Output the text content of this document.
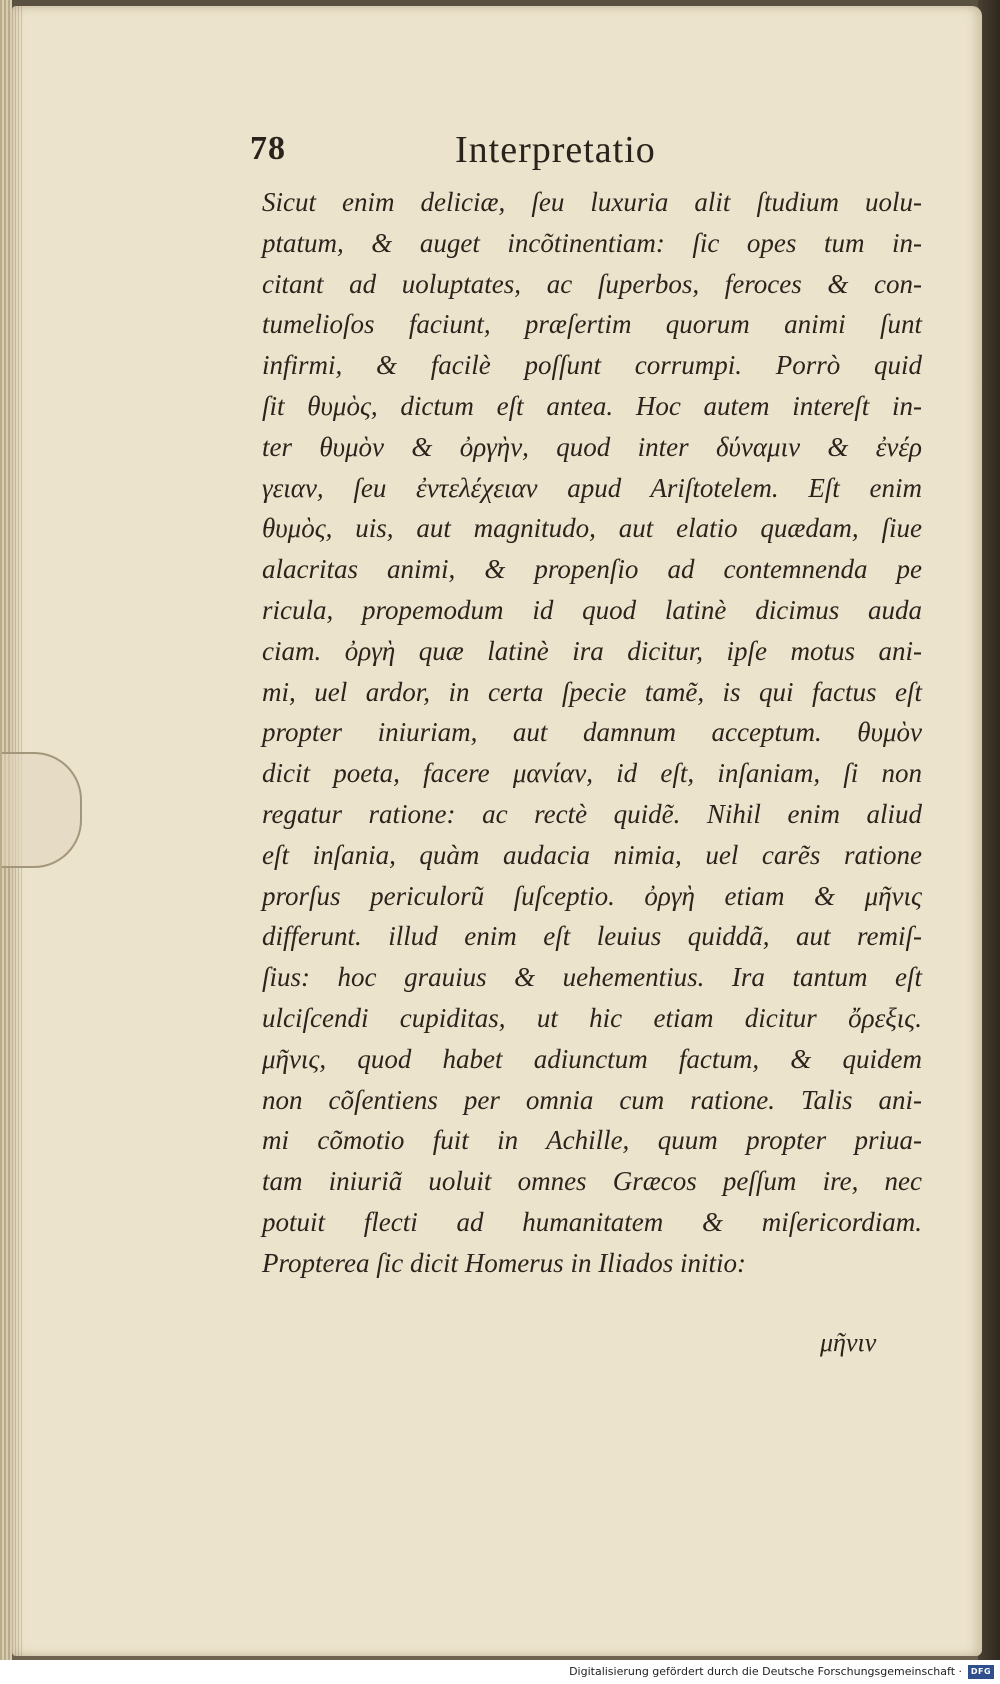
78	Interpretatio
Sicut enim deliciæ, ſeu luxuria alit ſtudium uolu-
ptatum, & auget incõtinentiam: ſic opes tum in-
citant ad uoluptates, ac ſuperbos, feroces & con-
tumelioſos faciunt, præſertim quorum animi ſunt
infirmi, & facilè poſſunt corrumpi. Porrò quid
ſit θυμὸς, dictum eſt antea. Hoc autem intereſt in-
ter θυμὸν & ὀργὴν, quod inter δύναμιν & ἐνέρ
γειαν, ſeu ἐντελέχειαν apud Ariſtotelem. Eſt enim
θυμὸς, uis, aut magnitudo, aut elatio quædam, ſiue
alacritas animi, & propenſio ad contemnenda pe
ricula, propemodum id quod latinè dicimus auda
ciam. ὀργὴ quæ latinè ira dicitur, ipſe motus ani-
mi, uel ardor, in certa ſpecie tamẽ, is qui factus eſt
propter iniuriam, aut damnum acceptum. θυμὸν
dicit poeta, facere μανίαν, id eſt, inſaniam, ſi non
regatur ratione: ac rectè quidẽ. Nihil enim aliud
eſt inſania, quàm audacia nimia, uel carẽs ratione
prorſus periculorũ ſuſceptio. ὀργὴ etiam & μῆνις
differunt. illud enim eſt leuius quiddã, aut remiſ-
ſius: hoc grauius & uehementius. Ira tantum eſt
ulciſcendi cupiditas, ut hic etiam dicitur ὄρεξις.
μῆνις, quod habet adiunctum factum, & quidem
non cõſentiens per omnia cum ratione. Talis ani-
mi cõmotio fuit in Achille, quum propter priua-
tam iniuriã uoluit omnes Græcos peſſum ire, nec
potuit flecti ad humanitatem & miſericordiam.
Propterea ſic dicit Homerus in Iliados initio:
μῆνιν
Digitalisierung gefördert durch die Deutsche Forschungsgemeinschaft ·	DFG
